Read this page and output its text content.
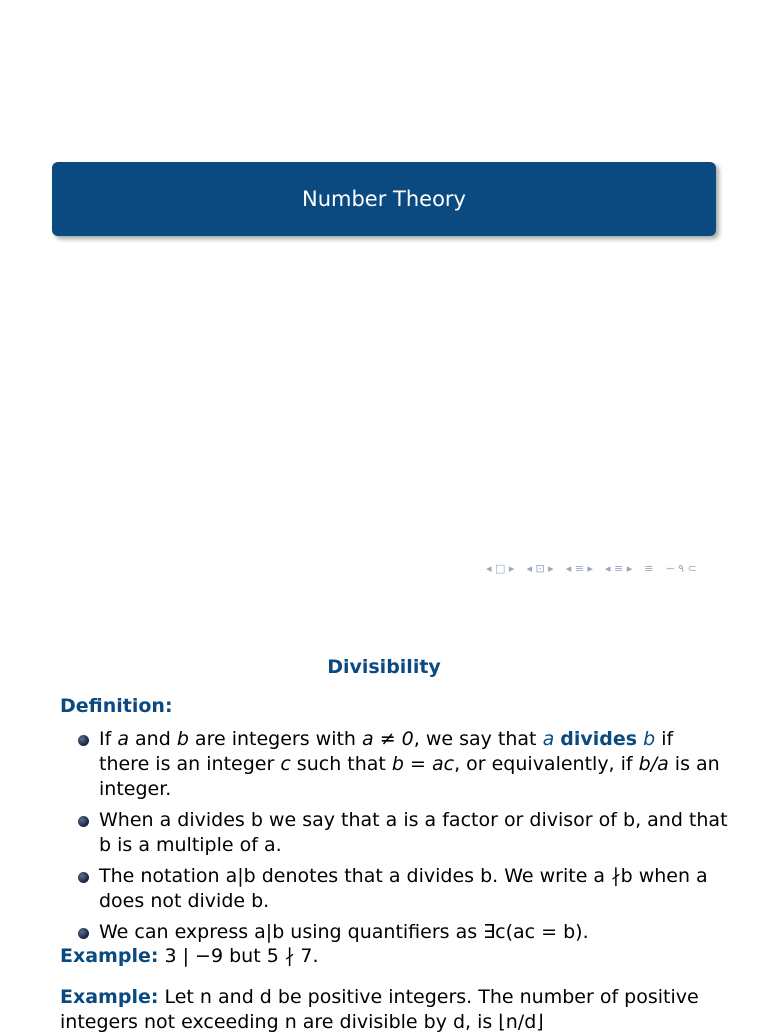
Number Theory
◂ □ ▸ ◂ ⊡ ▸ ◂ ≡ ▸ ◂ ≡ ▸ ≡ ∽ ۹ ⊂
Divisibility
Definition:
If a and b are integers with a ≠ 0, we say that a divides b if there is an integer c such that b = ac, or equivalently, if b/a is an integer.
When a divides b we say that a is a factor or divisor of b, and that b is a multiple of a.
The notation a|b denotes that a divides b. We write a ∤b when a does not divide b.
We can express a|b using quantifiers as ∃c(ac = b).
Example: 3 | −9 but 5 ∤ 7.
Example: Let n and d be positive integers. The number of positive integers not exceeding n are divisible by d, is ⌊n/d⌋
